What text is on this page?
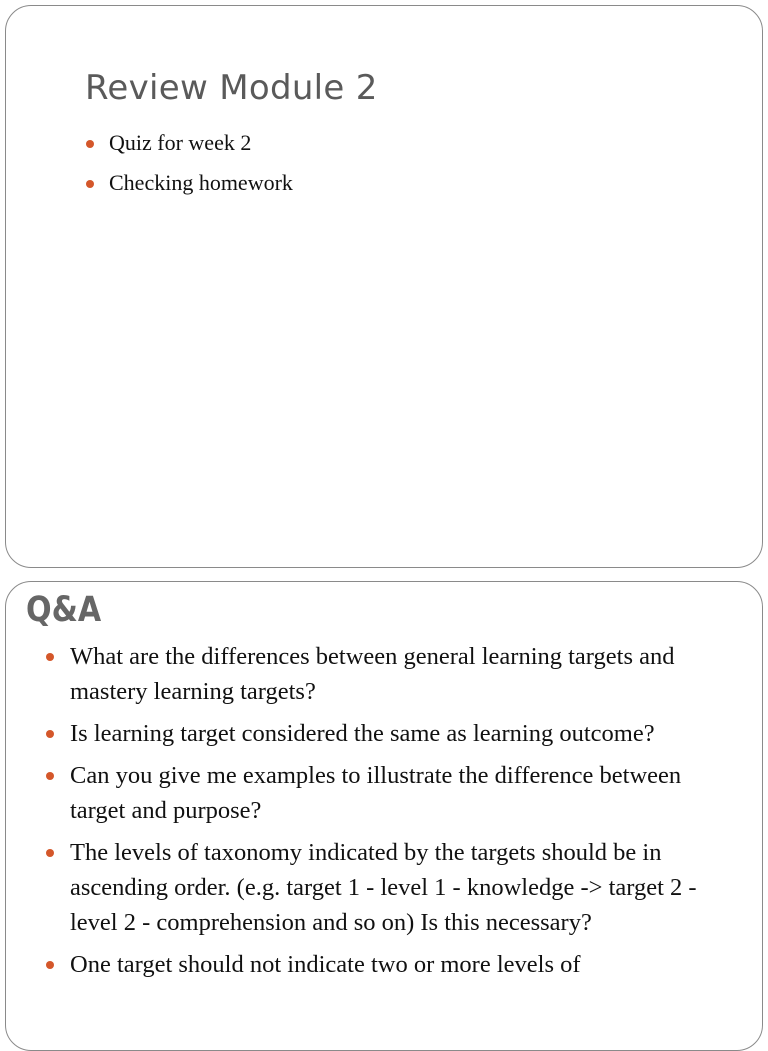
Review Module 2
Quiz for week 2
Checking homework
Q&A
What are the differences between general learning targets and mastery learning targets?
Is learning target considered the same as learning outcome?
Can you give me examples to illustrate the difference between target and purpose?
The levels of taxonomy indicated by the targets should be in ascending order. (e.g. target 1 - level 1 - knowledge -> target 2 - level 2 - comprehension and so on) Is this necessary?
One target should not indicate two or more levels of
